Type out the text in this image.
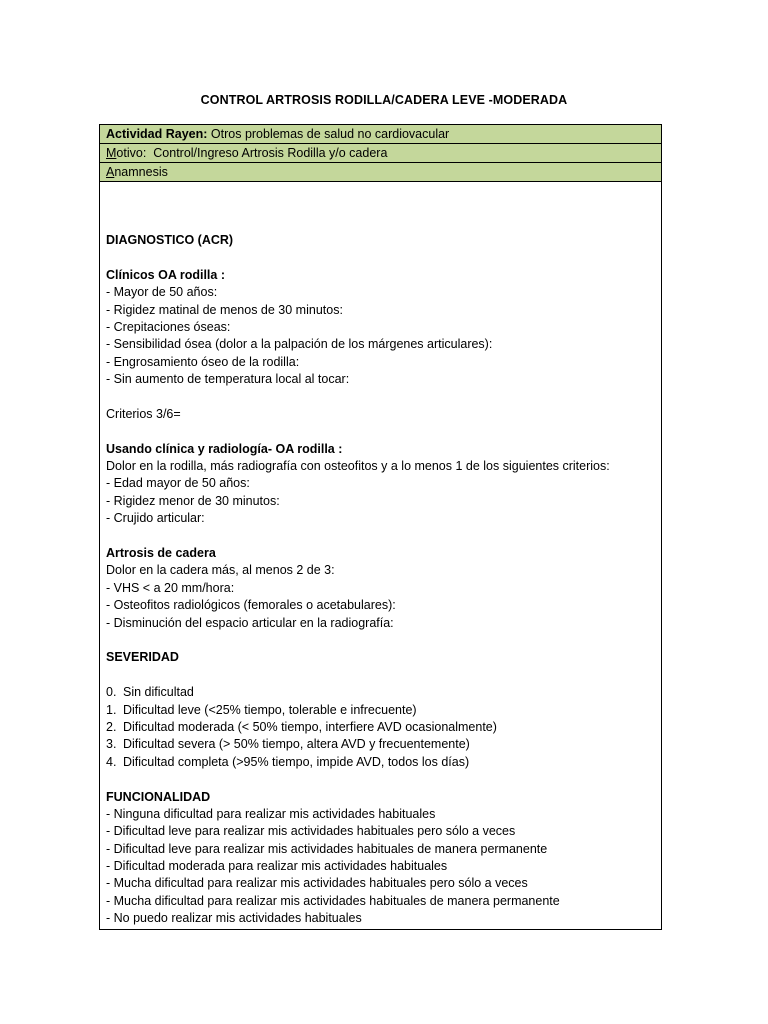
CONTROL ARTROSIS RODILLA/CADERA LEVE -MODERADA
Actividad Rayen: Otros problemas de salud no cardiovacular
Motivo: Control/Ingreso Artrosis Rodilla y/o cadera
Anamnesis
DIAGNOSTICO (ACR)
Clínicos OA rodilla :
- Mayor de 50 años:
- Rigidez matinal de menos de 30 minutos:
- Crepitaciones óseas:
- Sensibilidad ósea (dolor a la palpación de los márgenes articulares):
- Engrosamiento óseo de la rodilla:
- Sin aumento de temperatura local al tocar:
Criterios 3/6=
Usando clínica y radiología- OA rodilla :
Dolor en la rodilla, más radiografía con osteofitos y a lo menos 1 de los siguientes criterios:
- Edad mayor de 50 años:
- Rigidez menor de 30 minutos:
- Crujido articular:
Artrosis de cadera
Dolor en la cadera más, al menos 2 de 3:
- VHS < a 20 mm/hora:
- Osteofitos radiológicos (femorales o acetabulares):
- Disminución del espacio articular en la radiografía:
SEVERIDAD
0. Sin dificultad
1. Dificultad leve (<25% tiempo, tolerable e infrecuente)
2. Dificultad moderada (< 50% tiempo, interfiere AVD ocasionalmente)
3. Dificultad severa (> 50% tiempo, altera AVD y frecuentemente)
4. Dificultad completa (>95% tiempo, impide AVD, todos los días)
FUNCIONALIDAD
- Ninguna dificultad para realizar mis actividades habituales
- Dificultad leve para realizar mis actividades habituales pero sólo a veces
- Dificultad leve para realizar mis actividades habituales de manera permanente
- Dificultad moderada para realizar mis actividades habituales
- Mucha dificultad para realizar mis actividades habituales pero sólo a veces
- Mucha dificultad para realizar mis actividades habituales de manera permanente
- No puedo realizar mis actividades habituales
